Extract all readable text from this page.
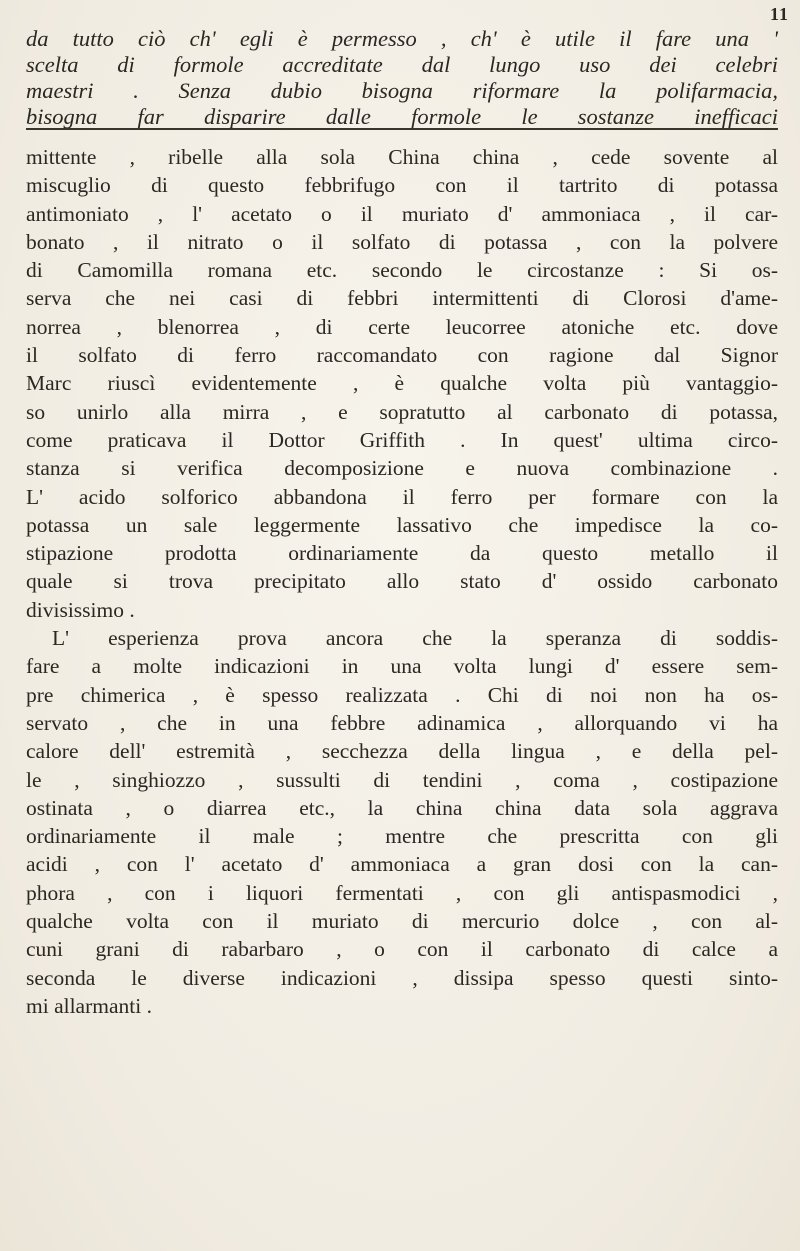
11
da tutto ciò ch' egli è permesso , ch' è utile il fare una '
scelta di formole accreditate dal lungo uso dei celebri
maestri . Senza dubio bisogna riformare la polifarmacia,
bisogna far disparire dalle formole le sostanze inefficaci
mittente , ribelle alla sola China china , cede sovente al
miscuglio di questo febbrifugo con il tartrito di potassa
antimoniato , l' acetato o il muriato d' ammoniaca , il car-
bonato , il nitrato o il solfato di potassa , con la polvere
di Camomilla romana etc. secondo le circostanze : Si os-
serva che nei casi di febbri intermittenti di Clorosi d'ame-
norrea , blenorrea , di certe leucorree atoniche etc. dove
il solfato di ferro raccomandato con ragione dal Signor
Marc riuscì evidentemente , è qualche volta più vantaggio-
so unirlo alla mirra , e sopratutto al carbonato di potassa,
come praticava il Dottor Griffith . In quest' ultima circo-
stanza si verifica decomposizione e nuova combinazione .
L' acido solforico abbandona il ferro per formare con la
potassa un sale leggermente lassativo che impedisce la co-
stipazione prodotta ordinariamente da questo metallo il
quale si trova precipitato allo stato d' ossido carbonato
divisissimo .
L' esperienza prova ancora che la speranza di soddis-
fare a molte indicazioni in una volta lungi d' essere sem-
pre chimerica , è spesso realizzata . Chi di noi non ha os-
servato , che in una febbre adinamica , allorquando vi ha
calore dell' estremità , secchezza della lingua , e della pel-
le , singhiozzo , sussulti di tendini , coma , costipazione
ostinata , o diarrea etc., la china china data sola aggrava
ordinariamente il male ; mentre che prescritta con gli
acidi , con l' acetato d' ammoniaca a gran dosi con la can-
phora , con i liquori fermentati , con gli antispasmodici ,
qualche volta con il muriato di mercurio dolce , con al-
cuni grani di rabarbaro , o con il carbonato di calce a
seconda le diverse indicazioni , dissipa spesso questi sinto-
mi allarmanti .
